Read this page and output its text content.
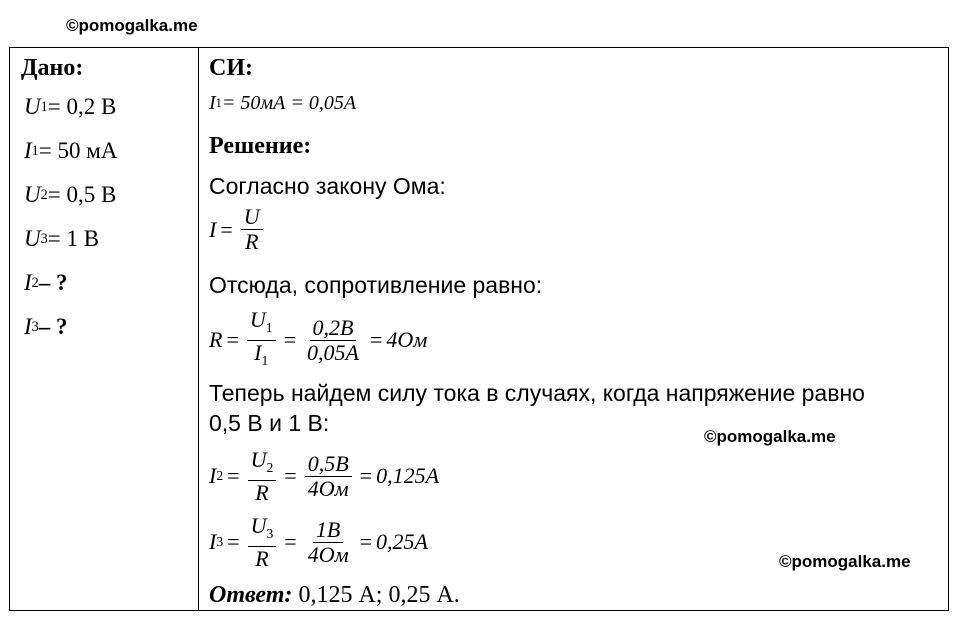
©pomogalka.me
Дано:
U 1 = 0,2 В
I 1 = 50 мА
U 2 = 0,5 В
U 3 = 1 В
I 2 – ?
I 3 – ?

СИ:
I 1 = 50мА = 0,05А
Решение:
Согласно закону Ома:
$I = \frac{U}{R}$
Отсюда, сопротивление равно:
$R = \frac{U_1}{I_1} = \frac{0,2В}{0,05А} = 4Ом$
Теперь найдем силу тока в случаях, когда напряжение равно
0,5 В и 1 В:
I $2 = \frac{U_2}{R} = \frac{0,5В}{4Ом} = 0,125А$
I $3 = \frac{U_3}{R} = \frac{1В}{4Ом} = 0,25А$
Ответ: 0,125 А; 0,25 А.
©pomogalka.me
©pomogalka.me
